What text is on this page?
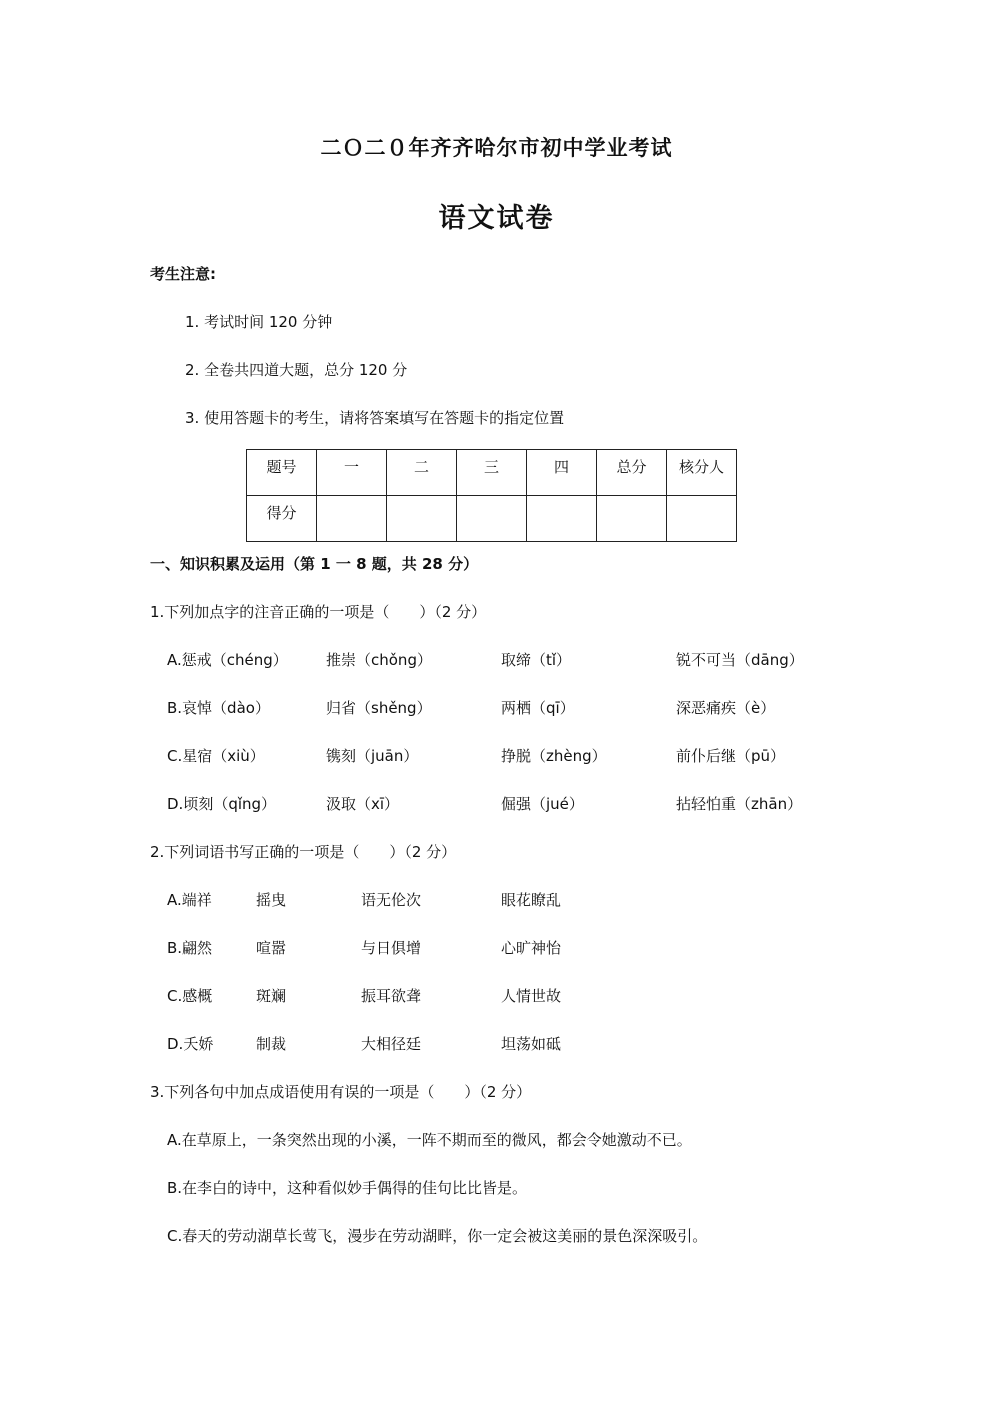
二Ｏ二０年齐齐哈尔市初中学业考试
语文试卷
考生注意:
1. 考试时间 120 分钟
2. 全卷共四道大题，总分 120 分
3. 使用答题卡的考生，请将答案填写在答题卡的指定位置
题号	一	二	三	四	总分	核分人
得分						
一、知识积累及运用（第 1 一 8 题，共 28 分）
1.下列加点字的注音正确的一项是（　　）（2 分）
A.惩戒（chéng）	推崇（chǒng）	取缔（tǐ）	锐不可当（dāng）
B.哀悼（dào）	归省（shěng）	两栖（qī）	深恶痛疾（è）
C.星宿（xiù）	镌刻（juān）	挣脱（zhèng）	前仆后继（pū）
D.顷刻（qǐng）	汲取（xī）	倔强（jué）	拈轻怕重（zhān）
2.下列词语书写正确的一项是（　　）（2 分）
A.端祥	摇曳	语无伦次	眼花瞭乱
B.翩然	喧嚣	与日俱增	心旷神怡
C.感概	斑斓	振耳欲聋	人情世故
D.夭娇	制裁	大相径廷	坦荡如砥
3.下列各句中加点成语使用有误的一项是（　　）（2 分）
A.在草原上，一条突然出现的小溪，一阵不期而至的微风，都会令她激动不已。
B.在李白的诗中，这种看似妙手偶得的佳句比比皆是。
C.春天的劳动湖草长莺飞，漫步在劳动湖畔，你一定会被这美丽的景色深深吸引。
